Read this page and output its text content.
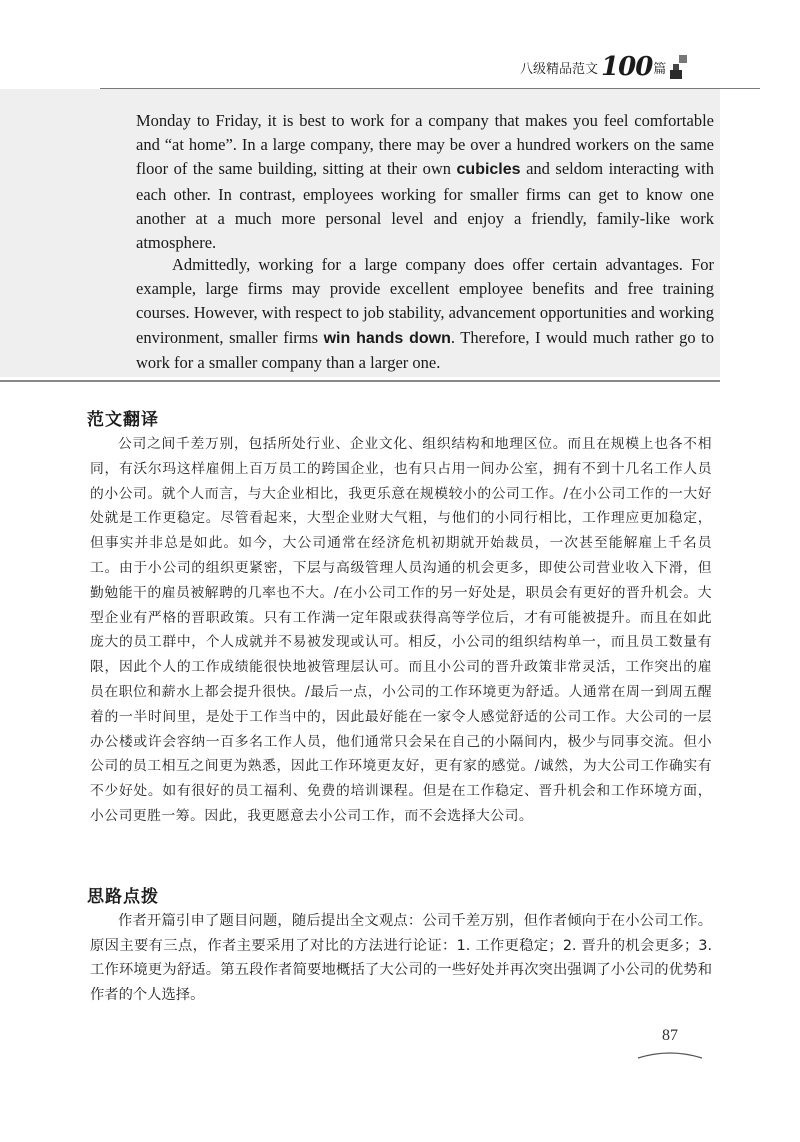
八级精品范文 100 篇

Monday to Friday, it is best to work for a company that makes you feel comfortable and “at home”. In a large company, there may be over a hundred workers on the same floor of the same building, sitting at their own cubicles and seldom interacting with each other. In contrast, employees working for smaller firms can get to know one another at a much more personal level and enjoy a friendly, family-like work atmosphere.

Admittedly, working for a large company does offer certain advantages. For example, large firms may provide excellent employee benefits and free training courses. However, with respect to job stability, advancement opportunities and working environment, smaller firms win hands down. Therefore, I would much rather go to work for a smaller company than a larger one.

范文翻译

公司之间千差万别，包括所处行业、企业文化、组织结构和地理区位。而且在规模上也各不相同，有沃尔玛这样雇佣上百万员工的跨国企业，也有只占用一间办公室，拥有不到十几名工作人员的小公司。就个人而言，与大企业相比，我更乐意在规模较小的公司工作。/在小公司工作的一大好处就是工作更稳定。尽管看起来，大型企业财大气粗，与他们的小同行相比，工作理应更加稳定，但事实并非总是如此。如今，大公司通常在经济危机初期就开始裁员，一次甚至能解雇上千名员工。由于小公司的组织更紧密，下层与高级管理人员沟通的机会更多，即使公司营业收入下滑，但勤勉能干的雇员被解聘的几率也不大。/在小公司工作的另一好处是，职员会有更好的晋升机会。大型企业有严格的晋职政策。只有工作满一定年限或获得高等学位后，才有可能被提升。而且在如此庞大的员工群中，个人成就并不易被发现或认可。相反，小公司的组织结构单一，而且员工数量有限，因此个人的工作成绩能很快地被管理层认可。而且小公司的晋升政策非常灵活，工作突出的雇员在职位和薪水上都会提升很快。/最后一点，小公司的工作环境更为舒适。人通常在周一到周五醒着的一半时间里，是处于工作当中的，因此最好能在一家令人感觉舒适的公司工作。大公司的一层办公楼或许会容纳一百多名工作人员，他们通常只会呆在自己的小隔间内，极少与同事交流。但小公司的员工相互之间更为熟悉，因此工作环境更友好，更有家的感觉。/诚然，为大公司工作确实有不少好处。如有很好的员工福利、免费的培训课程。但是在工作稳定、晋升机会和工作环境方面，小公司更胜一筹。因此，我更愿意去小公司工作，而不会选择大公司。

思路点拨

作者开篇引申了题目问题，随后提出全文观点：公司千差万别，但作者倾向于在小公司工作。原因主要有三点，作者主要采用了对比的方法进行论证：1. 工作更稳定；2. 晋升的机会更多；3. 工作环境更为舒适。第五段作者简要地概括了大公司的一些好处并再次突出强调了小公司的优势和作者的个人选择。

87
